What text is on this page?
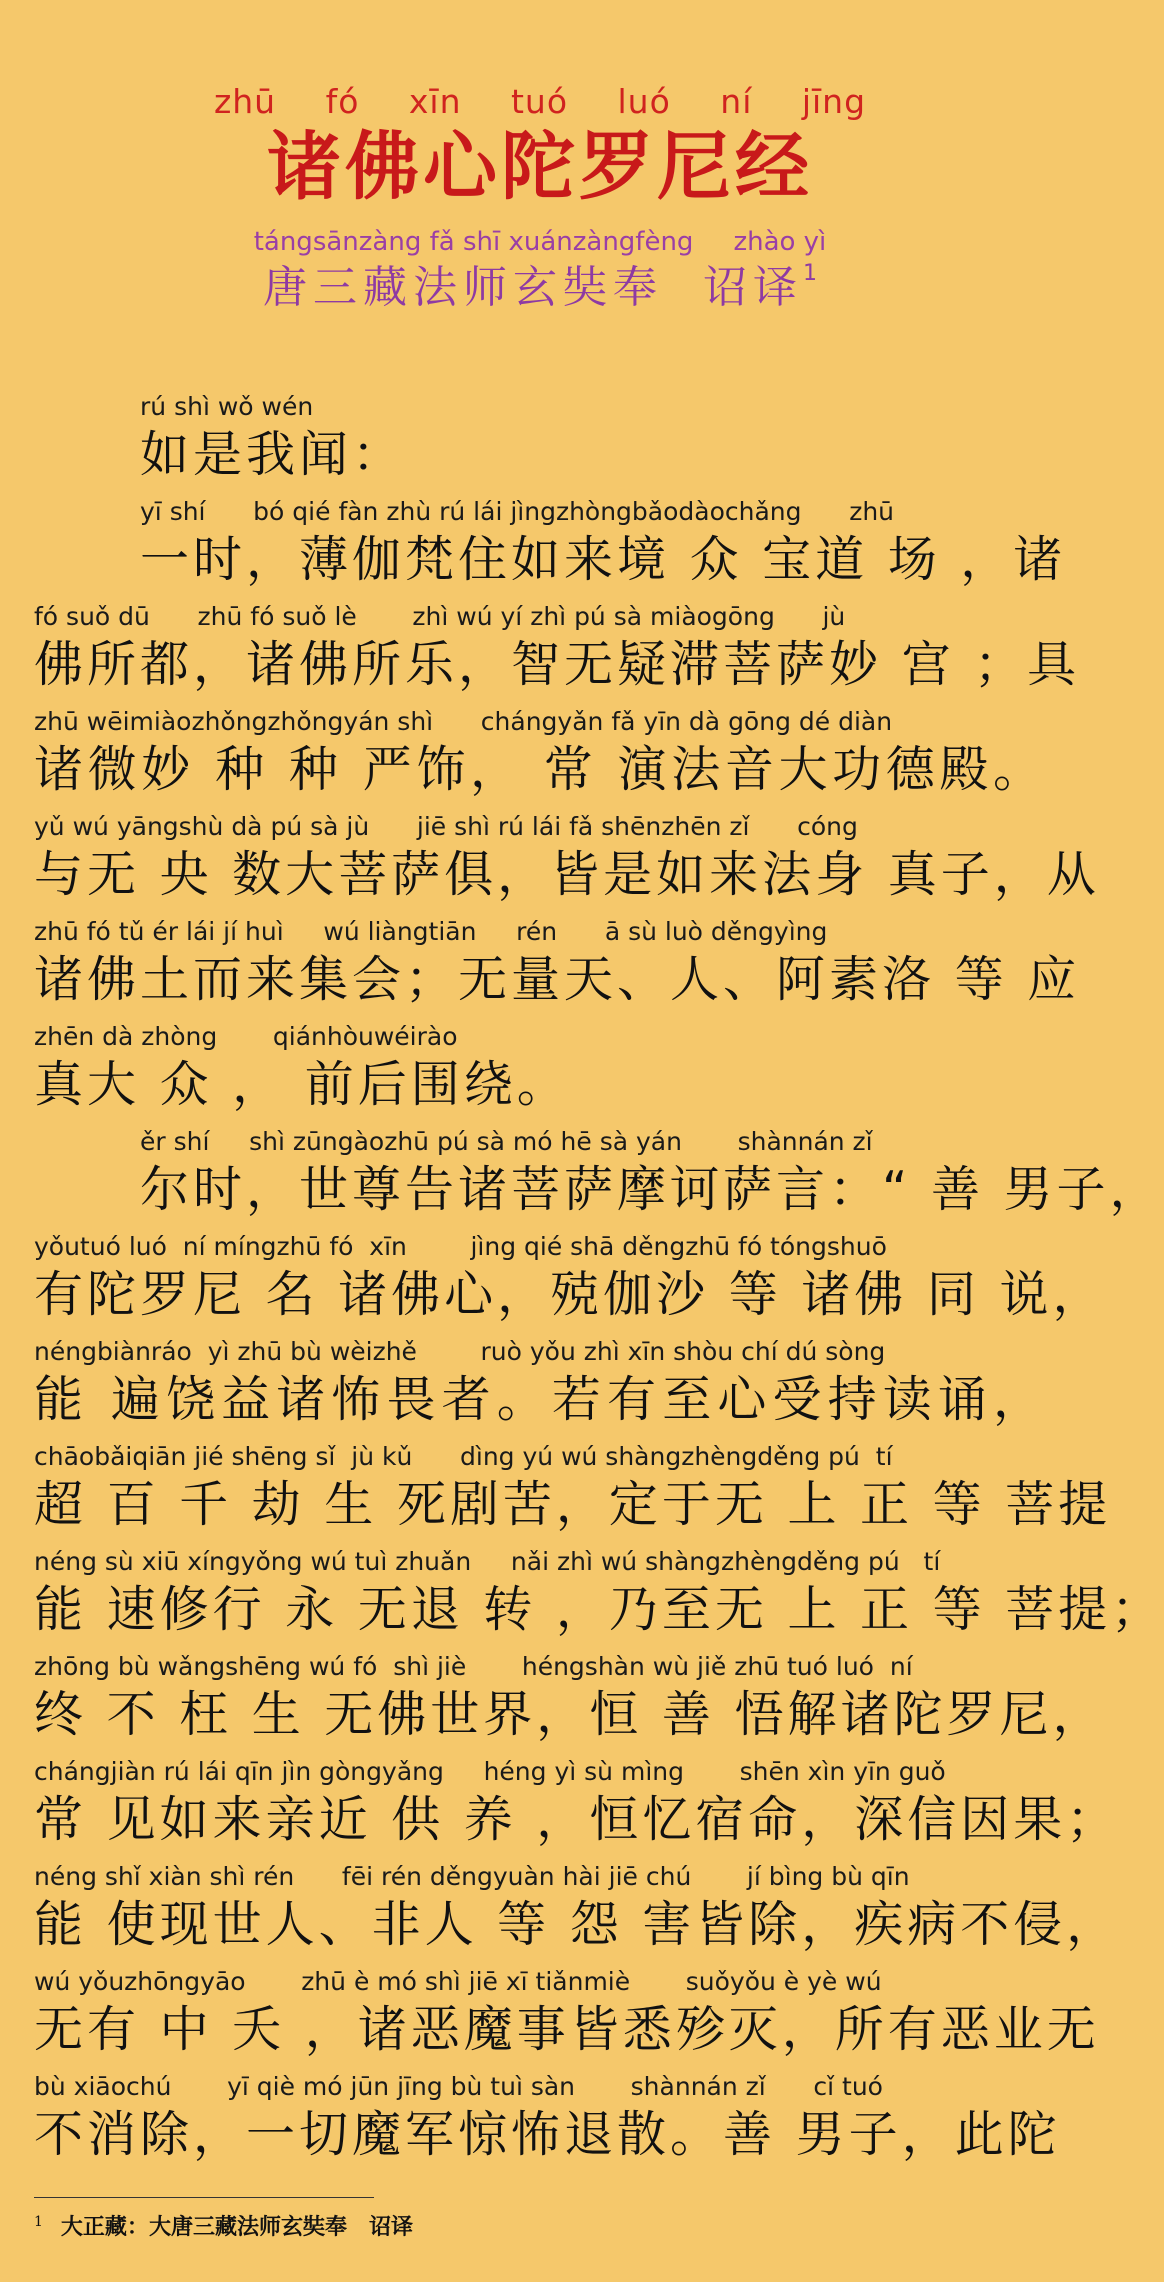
zhū fó xīn tuó luó ní jīng
诸佛心陀罗尼经
tángsānzàng fǎ shī xuánzàngfèng zhào yì
唐三藏法师玄奘奉 诏译$^1$
rú shì wǒ wén
如是我闻：
yī shí      bó qié fàn zhù rú lái jìngzhòngbǎodàochǎng      zhū
一时，薄伽梵住如来境 众 宝道 场 ，诸
fó suǒ dū      zhū fó suǒ lè       zhì wú yí zhì pú sà miàogōng      jù
佛所都，诸佛所乐，智无疑滞菩萨妙 宫 ；具
zhū wēimiàozhǒngzhǒngyán shì      chángyǎn fǎ yīn dà gōng dé diàn
诸微妙 种 种 严饰， 常 演法音大功德殿。
yǔ wú yāngshù dà pú sà jù      jiē shì rú lái fǎ shēnzhēn zǐ      cóng
与无 央 数大菩萨俱，皆是如来法身 真子，从
zhū fó tǔ ér lái jí huì     wú liàngtiān     rén      ā sù luò děngyìng
诸佛土而来集会；无量天、人、阿素洛 等 应
zhēn dà zhòng       qiánhòuwéirào
真大 众 ， 前后围绕。
ěr shí     shì zūngàozhū pú sà mó hē sà yán       shànnán zǐ
尔时，世尊告诸菩萨摩诃萨言：“ 善 男子，
yǒutuó luó  ní míngzhū fó  xīn        jìng qié shā děngzhū fó tóngshuō
有陀罗尼 名 诸佛心，殑伽沙 等 诸佛 同 说，
néngbiànráo  yì zhū bù wèizhě        ruò yǒu zhì xīn shòu chí dú sòng
能 遍饶益诸怖畏者。若有至心受持读诵，
chāobǎiqiān jié shēng sǐ  jù kǔ      dìng yú wú shàngzhèngděng pú  tí
超 百 千 劫 生 死剧苦，定于无 上 正 等 菩提
néng sù xiū xíngyǒng wú tuì zhuǎn     nǎi zhì wú shàngzhèngděng pú   tí
能 速修行 永 无退 转 ，乃至无 上 正 等 菩提；
zhōng bù wǎngshēng wú fó  shì jiè       héngshàn wù jiě zhū tuó luó  ní
终 不 枉 生 无佛世界，恒 善 悟解诸陀罗尼，
chángjiàn rú lái qīn jìn gòngyǎng     héng yì sù mìng       shēn xìn yīn guǒ
常 见如来亲近 供 养 ，恒忆宿命，深信因果；
néng shǐ xiàn shì rén      fēi rén děngyuàn hài jiē chú       jí bìng bù qīn
能 使现世人、非人 等 怨 害皆除，疾病不侵，
wú yǒuzhōngyāo       zhū è mó shì jiē xī tiǎnmiè       suǒyǒu è yè wú
无有 中 夭 ，诸恶魔事皆悉殄灭，所有恶业无
bù xiāochú       yī qiè mó jūn jīng bù tuì sàn       shànnán zǐ      cǐ tuó
不消除，一切魔军惊怖退散。善 男子，此陀
$^1$ 大正藏：大唐三藏法师玄奘奉 诏译
